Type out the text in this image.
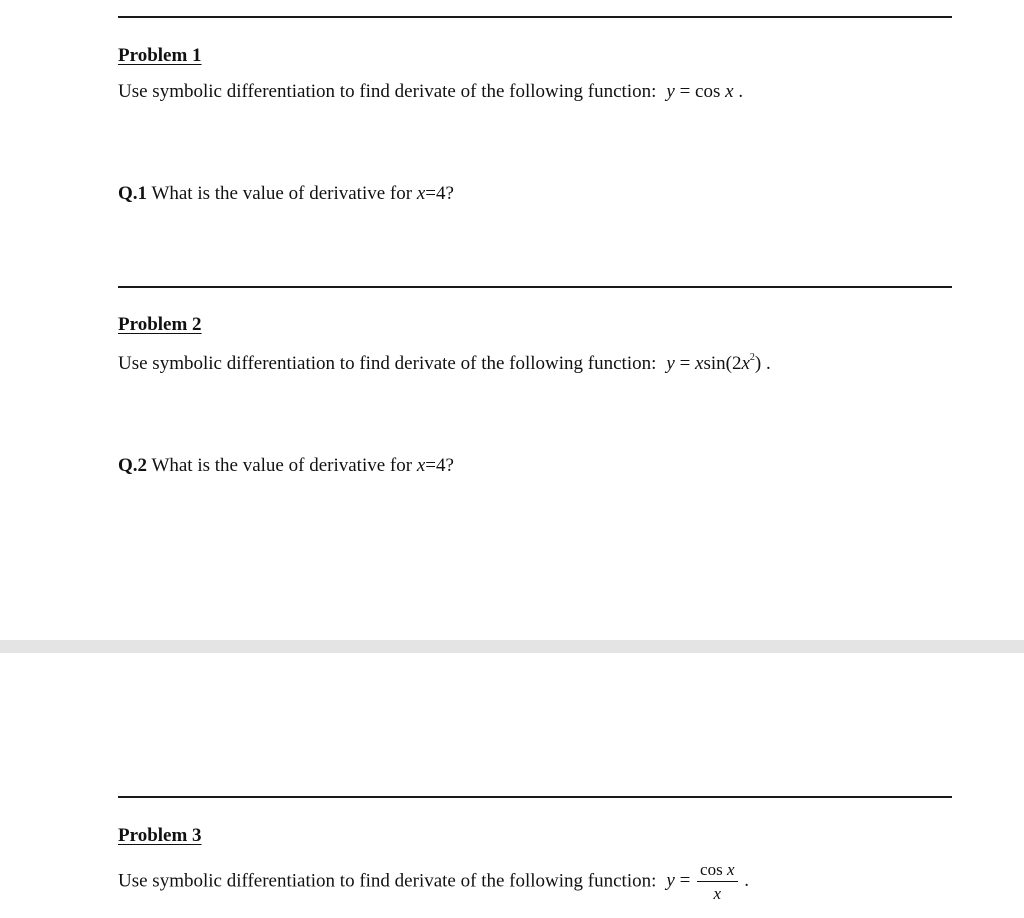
Problem 1
Use symbolic differentiation to find derivate of the following function: y = cos x .
Q.1 What is the value of derivative for x=4?
Problem 2
Use symbolic differentiation to find derivate of the following function: $y = xsin(2x^2)$ .
Q.2 What is the value of derivative for x=4?
Problem 3
Use symbolic differentiation to find derivate of the following function: $y = \frac{\text{cos x}}{x}$ .
